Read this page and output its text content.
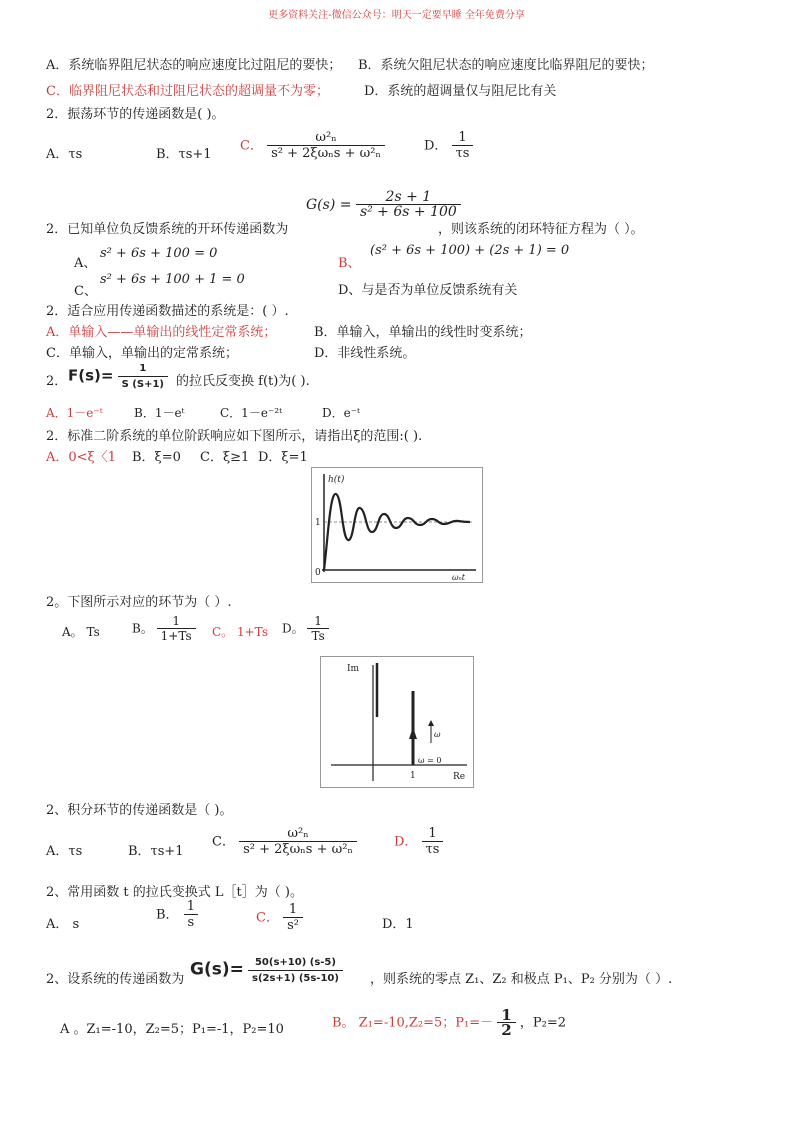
更多资料关注-微信公众号：明天一定要早睡 全年免费分享
A．系统临界阻尼状态的响应速度比过阻尼的要快； B．系统欠阻尼状态的响应速度比临界阻尼的要快；
C．临界阻尼状态和过阻尼状态的超调量不为零；	D．系统的超调量仅与阻尼比有关
2．振荡环节的传递函数是( )。
A．τs	B．τs+1
C． $\frac{\text{ω²ₙ}}{\text{s² + 2ξωₙs + ω²ₙ}}$	D． $\frac{1}{\tau s}$
$G(s) = \frac{2s + 1}{\text{s² + 6s + 100}}$
2．已知单位负反馈系统的开环传递函数为	，则该系统的闭环特征方程为（ ）。
A、
s² + 6s + 100 = 0
B、
(s² + 6s + 100) + (2s + 1) = 0
C、
s² + 6s + 100 + 1 = 0
D、与是否为单位反馈系统有关
2．适合应用传递函数描述的系统是：( ）.
A．单输入——单输出的线性定常系统；	B．单输入，单输出的线性时变系统；
C．单输入，单输出的定常系统；	D．非线性系统。
2． $F(s)= \frac{1}{S (S+1)}$ 的拉氏反变换 f(t)为( ).
A．1－e⁻ᵗ	B．1－eᵗ	C．1－e⁻²ᵗ	D．e⁻ᵗ
2．标准二阶系统的单位阶跃响应如下图所示，请指出ξ的范围:( ).
A．0<ξ〈1 B．ξ=0 C．ξ≥1 D．ξ=1
h(t)
1
0	ωₙt
2。下图所示对应的环节为（ ）.
A。 Ts	B。 $\frac{1}{1+Ts}$ C。 1+Ts D。 $\frac{1}{Ts}$
Im
Re
1
ω
ω = 0
2、积分环节的传递函数是（ )。
A．τs	B．τs+1
C． $\frac{\text{ω²ₙ}}{\text{s² + 2ξωₙs + ω²ₙ}}$	D． $\frac{1}{\tau s}$
2、常用函数 t 的拉氏变换式 L［t］为（ )。
A． s
B． $\frac{1}{s}$	C． $\frac{1}{\text{s²}}$	D．1
2、设系统的传递函数为 $G(s)= \frac{50(s+10) (s-5)}{s(2s+1) (5s-10)}$ ，则系统的零点 Z₁、Z₂ 和极点 P₁、P₂ 分别为（ ）.
A 。Z₁=-10，Z₂=5；P₁=-1，P₂=10	B。 Z₁=-10,Z₂=5；$P_1=- \frac{1}{2}$ ，P₂=2
